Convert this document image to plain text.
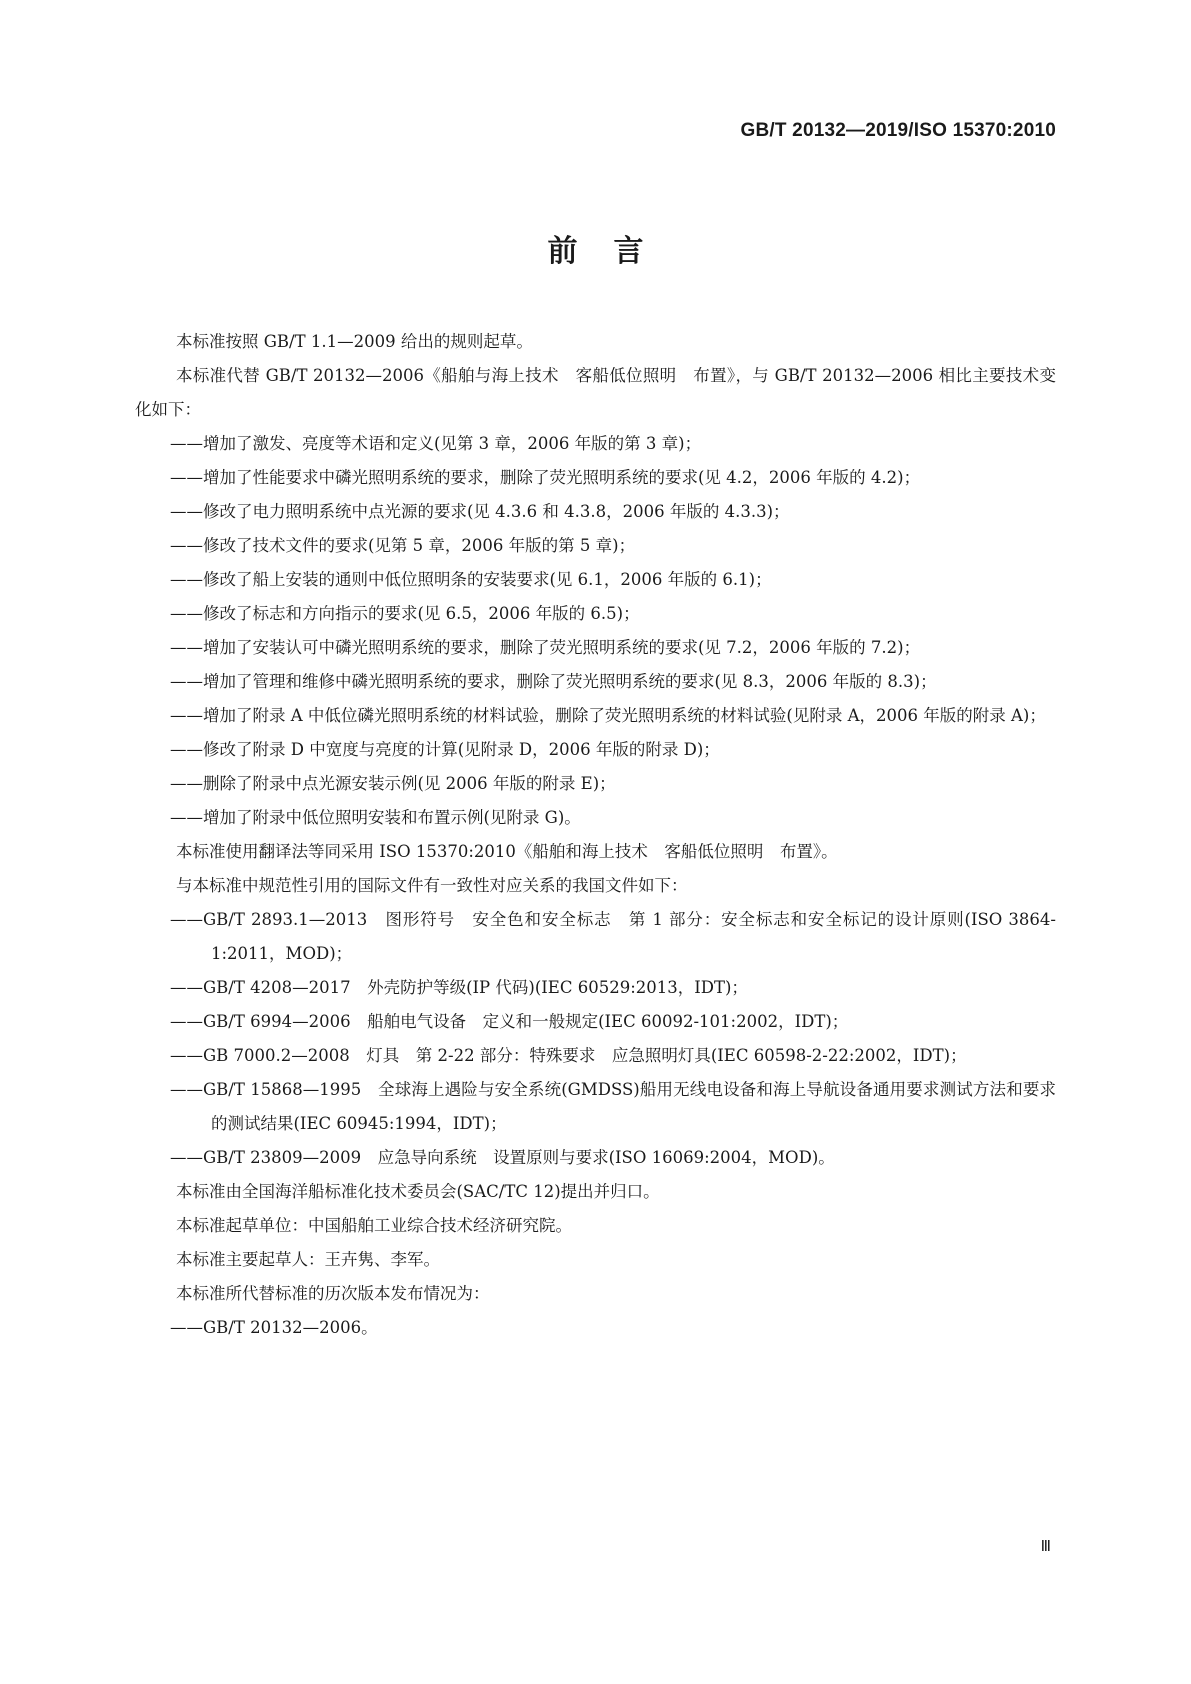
GB/T 20132—2019/ISO 15370:2010
前言

本标准按照 GB/T 1.1—2009 给出的规则起草。

本标准代替 GB/T 20132—2006《船舶与海上技术　客船低位照明　布置》，与 GB/T 20132—2006 相比主要技术变化如下：

——增加了激发、亮度等术语和定义(见第 3 章，2006 年版的第 3 章)；

——增加了性能要求中磷光照明系统的要求，删除了荧光照明系统的要求(见 4.2，2006 年版的 4.2)；

——修改了电力照明系统中点光源的要求(见 4.3.6 和 4.3.8，2006 年版的 4.3.3)；

——修改了技术文件的要求(见第 5 章，2006 年版的第 5 章)；

——修改了船上安装的通则中低位照明条的安装要求(见 6.1，2006 年版的 6.1)；

——修改了标志和方向指示的要求(见 6.5，2006 年版的 6.5)；

——增加了安装认可中磷光照明系统的要求，删除了荧光照明系统的要求(见 7.2，2006 年版的 7.2)；

——增加了管理和维修中磷光照明系统的要求，删除了荧光照明系统的要求(见 8.3，2006 年版的 8.3)；

——增加了附录 A 中低位磷光照明系统的材料试验，删除了荧光照明系统的材料试验(见附录 A，2006 年版的附录 A)；

——修改了附录 D 中宽度与亮度的计算(见附录 D，2006 年版的附录 D)；

——删除了附录中点光源安装示例(见 2006 年版的附录 E)；

——增加了附录中低位照明安装和布置示例(见附录 G)。

本标准使用翻译法等同采用 ISO 15370:2010《船舶和海上技术　客船低位照明　布置》。

与本标准中规范性引用的国际文件有一致性对应关系的我国文件如下：

——GB/T 2893.1—2013　图形符号　安全色和安全标志　第 1 部分：安全标志和安全标记的设计原则(ISO 3864-1:2011，MOD)；

——GB/T 4208—2017　外壳防护等级(IP 代码)(IEC 60529:2013，IDT)；

——GB/T 6994—2006　船舶电气设备　定义和一般规定(IEC 60092-101:2002，IDT)；

——GB 7000.2—2008　灯具　第 2-22 部分：特殊要求　应急照明灯具(IEC 60598-2-22:2002，IDT)；

——GB/T 15868—1995　全球海上遇险与安全系统(GMDSS)船用无线电设备和海上导航设备通用要求测试方法和要求的测试结果(IEC 60945:1994，IDT)；

——GB/T 23809—2009　应急导向系统　设置原则与要求(ISO 16069:2004，MOD)。

本标准由全国海洋船标准化技术委员会(SAC/TC 12)提出并归口。

本标准起草单位：中国船舶工业综合技术经济研究院。

本标准主要起草人：王卉隽、李军。

本标准所代替标准的历次版本发布情况为：

——GB/T 20132—2006。

Ⅲ
